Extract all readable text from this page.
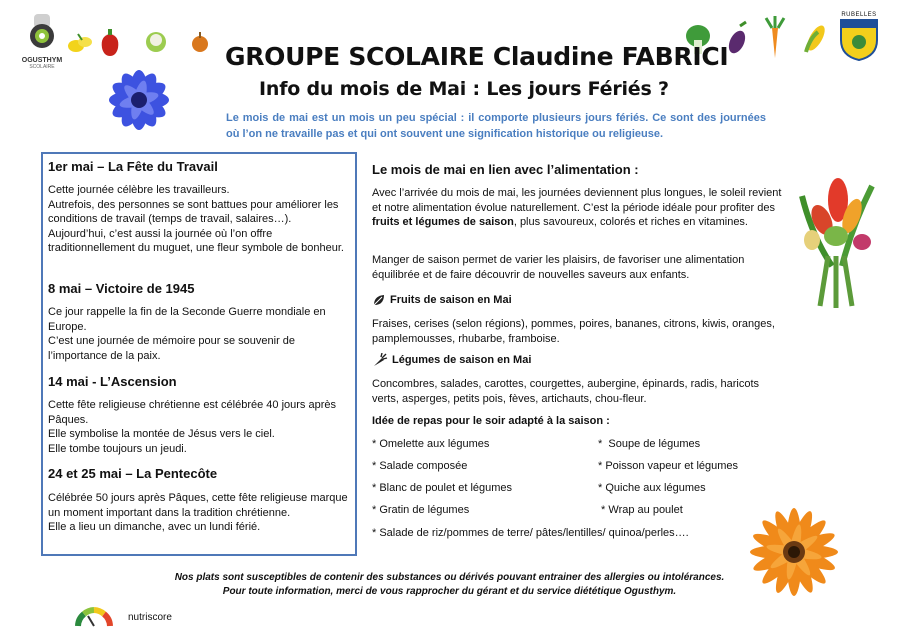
OGUSTHYM
SCOLAIRE
RUBELLES
GROUPE SCOLAIRE Claudine FABRICI
Info du mois de Mai : Les jours Fériés ?
Le mois de mai est un mois un peu spécial : il comporte plusieurs jours fériés. Ce sont des journées où l’on ne travaille pas et qui ont souvent une signification historique ou religieuse.
1er mai – La Fête du Travail
Cette journée célèbre les travailleurs.
Autrefois, des personnes se sont battues pour améliorer les conditions de travail (temps de travail, salaires…).
Aujourd’hui, c’est aussi la journée où l’on offre traditionnellement du muguet, une fleur symbole de bonheur.
8 mai – Victoire de 1945
Ce jour rappelle la fin de la Seconde Guerre mondiale en Europe.
C’est une journée de mémoire pour se souvenir de l’importance de la paix.
14 mai - L’Ascension
Cette fête religieuse chrétienne est célébrée 40 jours après Pâques.
Elle symbolise la montée de Jésus vers le ciel.
Elle tombe toujours un jeudi.
24 et 25 mai – La Pentecôte
Célébrée 50 jours après Pâques, cette fête religieuse marque un moment important dans la tradition chrétienne.
Elle a lieu un dimanche, avec un lundi férié.
Le mois de mai en lien avec l’alimentation :
Avec l’arrivée du mois de mai, les journées deviennent plus longues, le soleil revient et notre alimentation évolue naturellement. C’est la période idéale pour profiter des fruits et légumes de saison, plus savoureux, colorés et riches en vitamines.
Manger de saison permet de varier les plaisirs, de favoriser une alimentation équilibrée et de faire découvrir de nouvelles saveurs aux enfants.
Fruits de saison en Mai
Fraises, cerises (selon régions), pommes, poires, bananes, citrons, kiwis, oranges, pamplemousses, rhubarbe, framboise.
Légumes de saison en Mai
Concombres, salades, carottes, courgettes, aubergine, épinards, radis, haricots verts, asperges, petits pois, fèves, artichauts, chou-fleur.
Idée de repas pour le soir adapté à la saison :
* Omelette aux légumes
* Salade composée
* Blanc de poulet et légumes
* Gratin de légumes
*  Soupe de légumes
* Poisson vapeur et légumes
* Quiche aux légumes
* Wrap au poulet
* Salade de riz/pommes de terre/ pâtes/lentilles/ quinoa/perles….
Nos plats sont susceptibles de contenir des substances ou dérivés pouvant entrainer des allergies ou intolérances.
Pour toute information, merci de vous rapprocher du gérant et du service diététique Ogusthym.
nutriscore
